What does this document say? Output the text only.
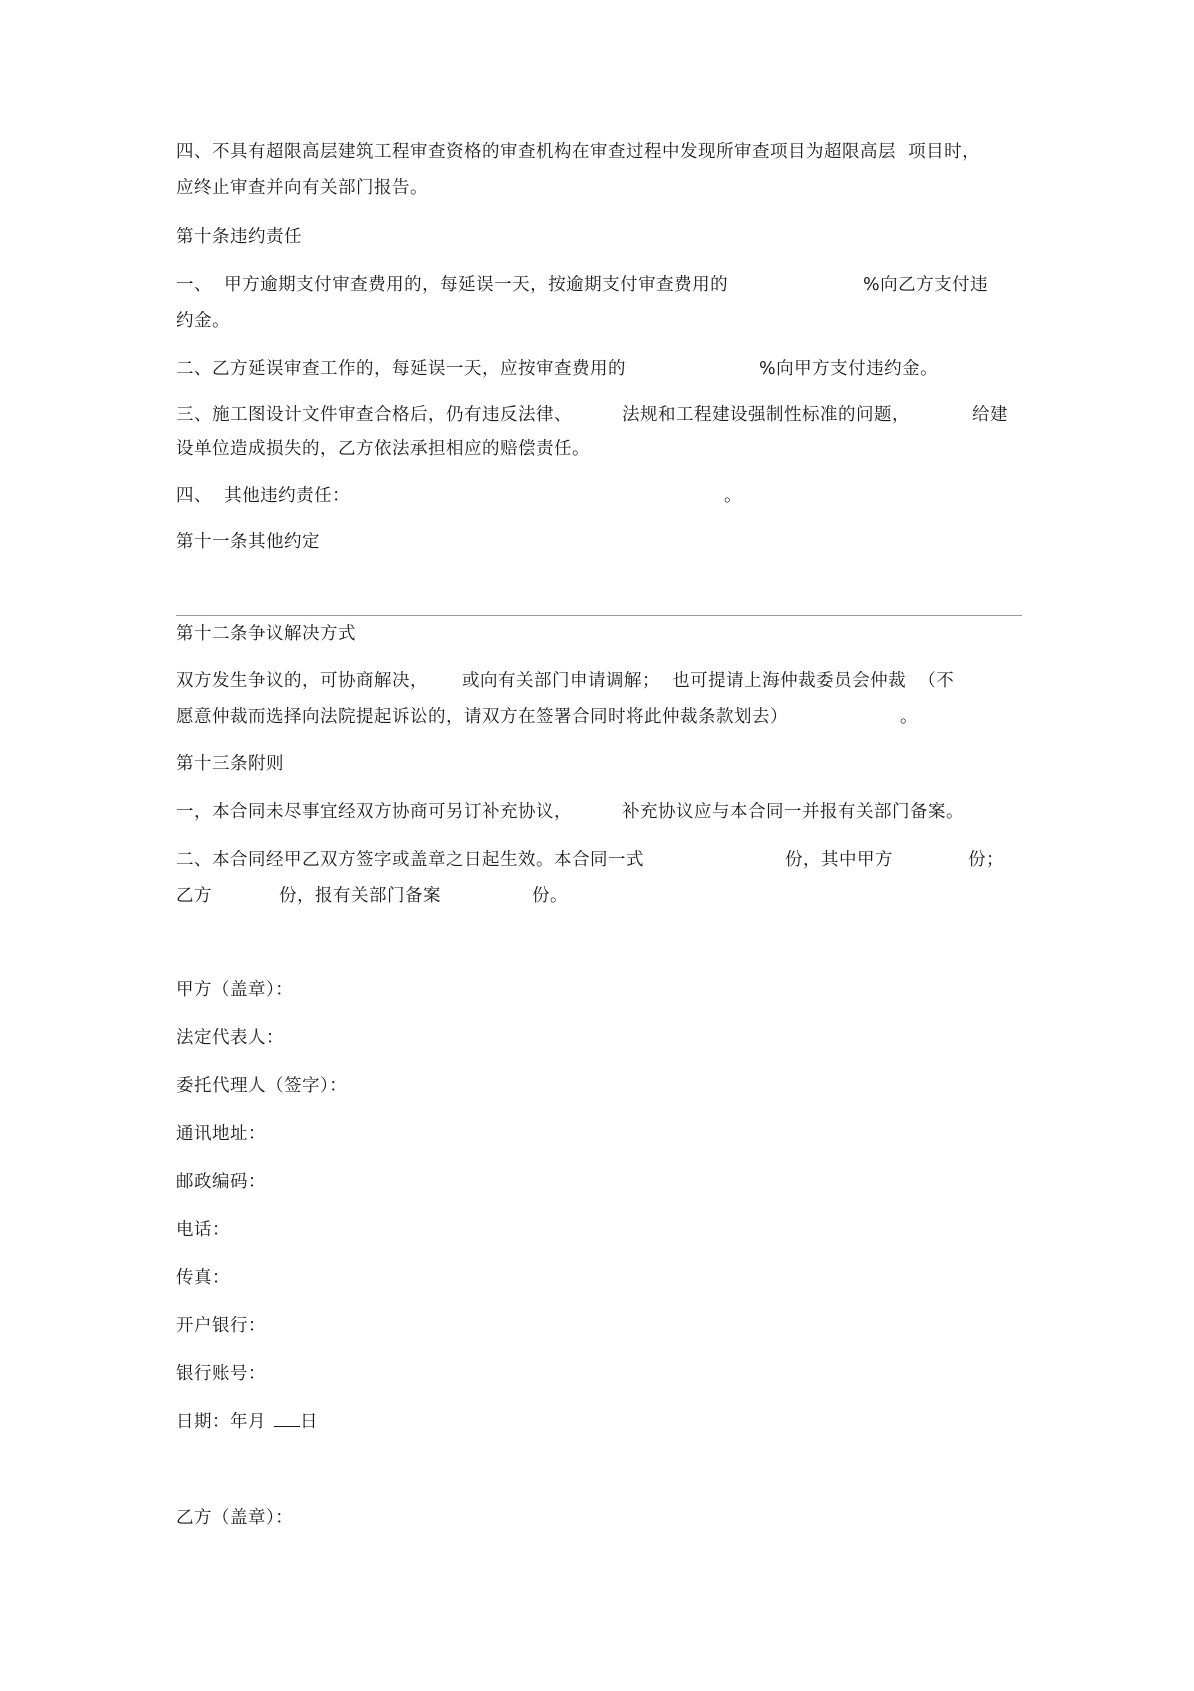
四、不具有超限高层建筑工程审查资格的审查机构在审查过程中发现所审查项目为超限高层  项目时，
应终止审查并向有关部门报告。
第十条违约责任
一、  甲方逾期支付审查费用的，每延误一天，按逾期支付审查费用的	%向乙方支付违
约金。
二、乙方延误审查工作的，每延误一天，应按审查费用的	%向甲方支付违约金。
三、施工图设计文件审查合格后，仍有违反法律、	法规和工程建设强制性标准的问题，	给建
设单位造成损失的，乙方依法承担相应的赔偿责任。
四、  其他违约责任：	。
第十一条其他约定
第十二条争议解决方式
双方发生争议的，可协商解决， 或向有关部门申请调解；  也可提请上海仲裁委员会仲裁  （不
愿意仲裁而选择向法院提起诉讼的，请双方在签署合同时将此仲裁条款划去）	。
第十三条附则
一，本合同未尽事宜经双方协商可另订补充协议，	补充协议应与本合同一并报有关部门备案。
二、本合同经甲乙双方签字或盖章之日起生效。本合同一式	份，其中甲方	份；
乙方	份，报有关部门备案	份。
甲方（盖章）：
法定代表人：
委托代理人（签字）：
通讯地址：
邮政编码：
电话：
传真：
开户银行：
银行账号：
日期：年月 日
乙方（盖章）：
